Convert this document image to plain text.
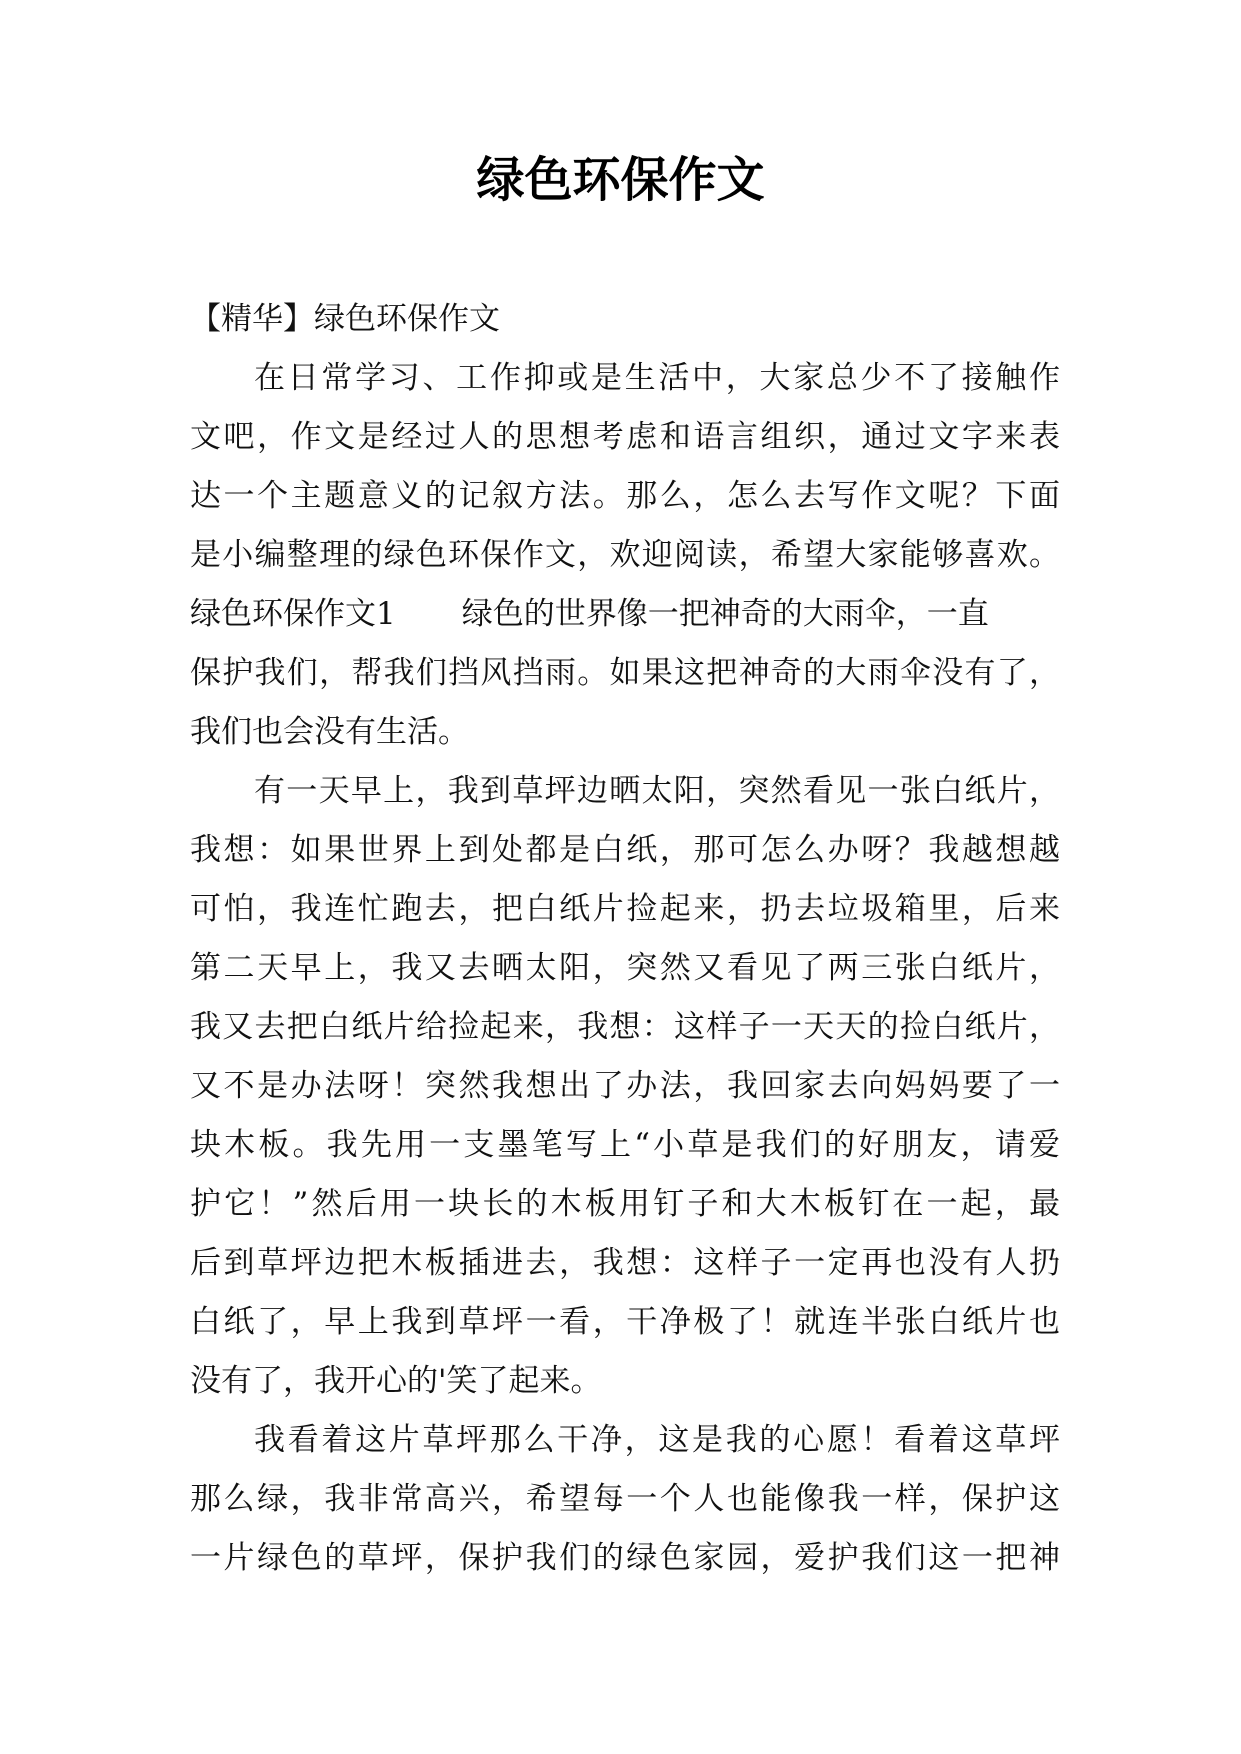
绿色环保作文
【精华】绿色环保作文
在日常学习、工作抑或是生活中，大家总少不了接触作
文吧，作文是经过人的思想考虑和语言组织，通过文字来表
达一个主题意义的记叙方法。那么，怎么去写作文呢？下面
是小编整理的绿色环保作文，欢迎阅读，希望大家能够喜欢。
绿色环保作文1 绿色的世界像一把神奇的大雨伞，一直
保护我们，帮我们挡风挡雨。如果这把神奇的大雨伞没有了，
我们也会没有生活。
有一天早上，我到草坪边晒太阳，突然看见一张白纸片，
我想：如果世界上到处都是白纸，那可怎么办呀？我越想越
可怕，我连忙跑去，把白纸片捡起来，扔去垃圾箱里，后来
第二天早上，我又去晒太阳，突然又看见了两三张白纸片，
我又去把白纸片给捡起来，我想：这样子一天天的捡白纸片，
又不是办法呀！突然我想出了办法，我回家去向妈妈要了一
块木板。我先用一支墨笔写上“小草是我们的好朋友，请爱
护它！”然后用一块长的木板用钉子和大木板钉在一起，最
后到草坪边把木板插进去，我想：这样子一定再也没有人扔
白纸了，早上我到草坪一看，干净极了！就连半张白纸片也
没有了，我开心的'笑了起来。
我看着这片草坪那么干净，这是我的心愿！看着这草坪
那么绿，我非常高兴，希望每一个人也能像我一样，保护这
一片绿色的草坪，保护我们的绿色家园，爱护我们这一把神
